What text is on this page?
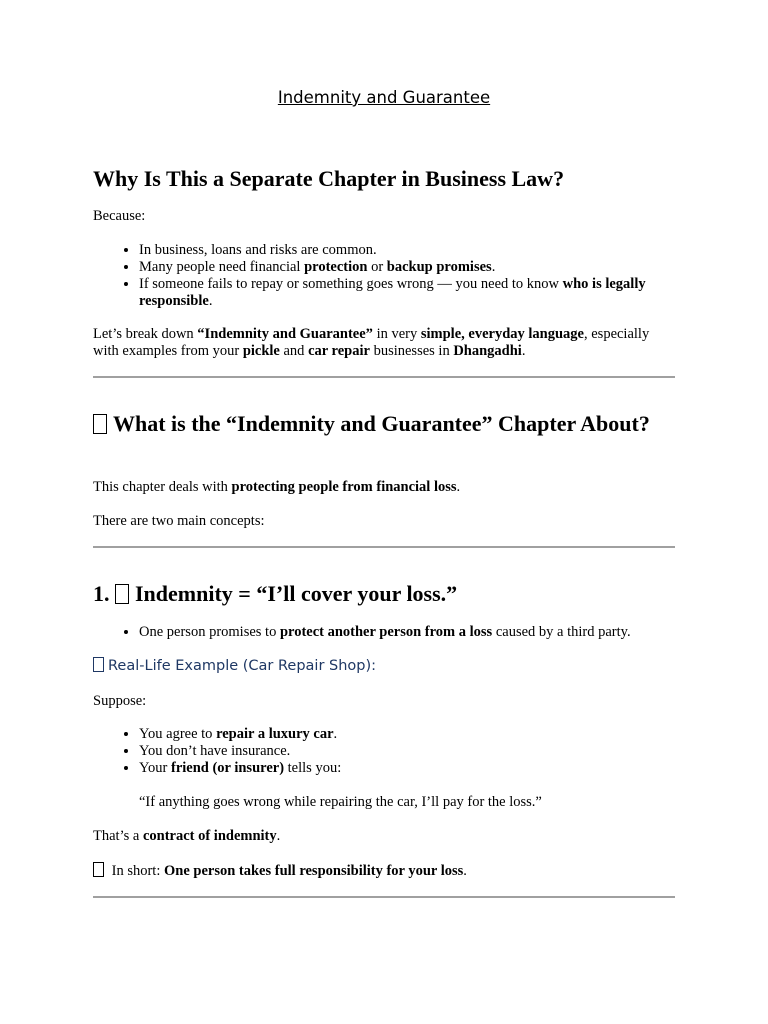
Indemnity and Guarantee
Why Is This a Separate Chapter in Business Law?

Because:

• In business, loans and risks are common.
• Many people need financial protection or backup promises.
• If someone fails to repay or something goes wrong — you need to know who is legally responsible.

Let’s break down “Indemnity and Guarantee” in very simple, everyday language, especially with examples from your pickle and car repair businesses in Dhangadhi.

What is the “Indemnity and Guarantee” Chapter About?

This chapter deals with protecting people from financial loss.

There are two main concepts:

1. Indemnity = “I’ll cover your loss.”
• One person promises to protect another person from a loss caused by a third party.
Real-Life Example (Car Repair Shop):

Suppose:

• You agree to repair a luxury car.
• You don’t have insurance.
• Your friend (or insurer) tells you:

“If anything goes wrong while repairing the car, I’ll pay for the loss.”

That’s a contract of indemnity.

In short: One person takes full responsibility for your loss.
